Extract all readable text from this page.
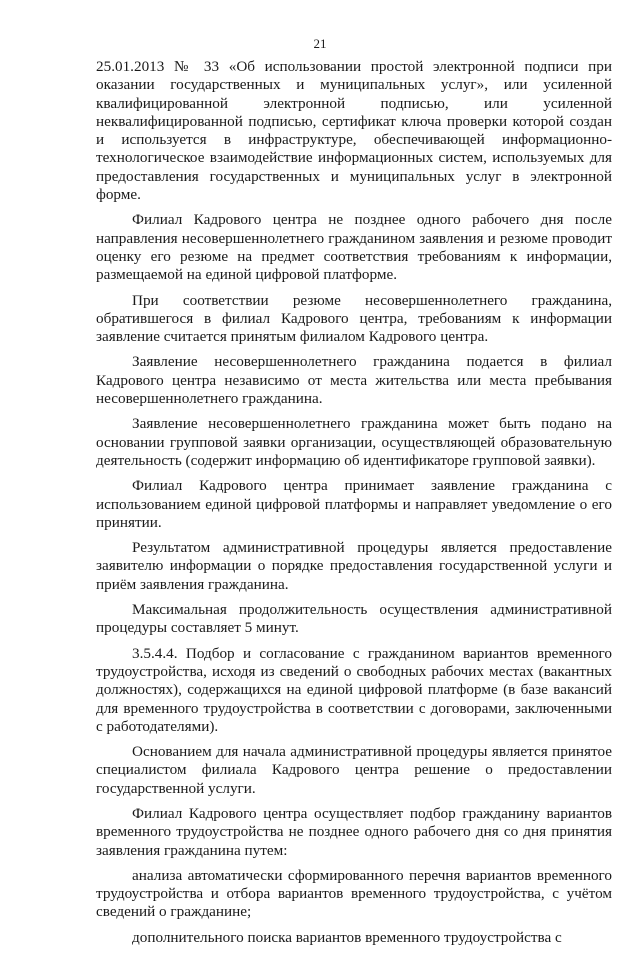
21

25.01.2013 № 33 «Об использовании простой электронной подписи при оказании государственных и муниципальных услуг», или усиленной квалифицированной электронной подписью, или усиленной неквалифицированной подписью, сертификат ключа проверки которой создан и используется в инфраструктуре, обеспечивающей информационно-технологическое взаимодействие информационных систем, используемых для предоставления государственных и муниципальных услуг в электронной форме.

Филиал Кадрового центра не позднее одного рабочего дня после направления несовершеннолетнего гражданином заявления и резюме проводит оценку его резюме на предмет соответствия требованиям к информации, размещаемой на единой цифровой платформе.

При соответствии резюме несовершеннолетнего гражданина, обратившегося в филиал Кадрового центра, требованиям к информации заявление считается принятым филиалом Кадрового центра.

Заявление несовершеннолетнего гражданина подается в филиал Кадрового центра независимо от места жительства или места пребывания несовершеннолетнего гражданина.

Заявление несовершеннолетнего гражданина может быть подано на основании групповой заявки организации, осуществляющей образовательную деятельность (содержит информацию об идентификаторе групповой заявки).

Филиал Кадрового центра принимает заявление гражданина с использованием единой цифровой платформы и направляет уведомление о его принятии.

Результатом административной процедуры является предоставление заявителю информации о порядке предоставления государственной услуги и приём заявления гражданина.

Максимальная продолжительность осуществления административной процедуры составляет 5 минут.

3.5.4.4. Подбор и согласование с гражданином вариантов временного трудоустройства, исходя из сведений о свободных рабочих местах (вакантных должностях), содержащихся на единой цифровой платформе (в базе вакансий для временного трудоустройства в соответствии с договорами, заключенными с работодателями).

Основанием для начала административной процедуры является принятое специалистом филиала Кадрового центра решение о предоставлении государственной услуги.

Филиал Кадрового центра осуществляет подбор гражданину вариантов временного трудоустройства не позднее одного рабочего дня со дня принятия заявления гражданина путем:

анализа автоматически сформированного перечня вариантов временного трудоустройства и отбора вариантов временного трудоустройства, с учётом сведений о гражданине;

дополнительного поиска вариантов временного трудоустройства с
